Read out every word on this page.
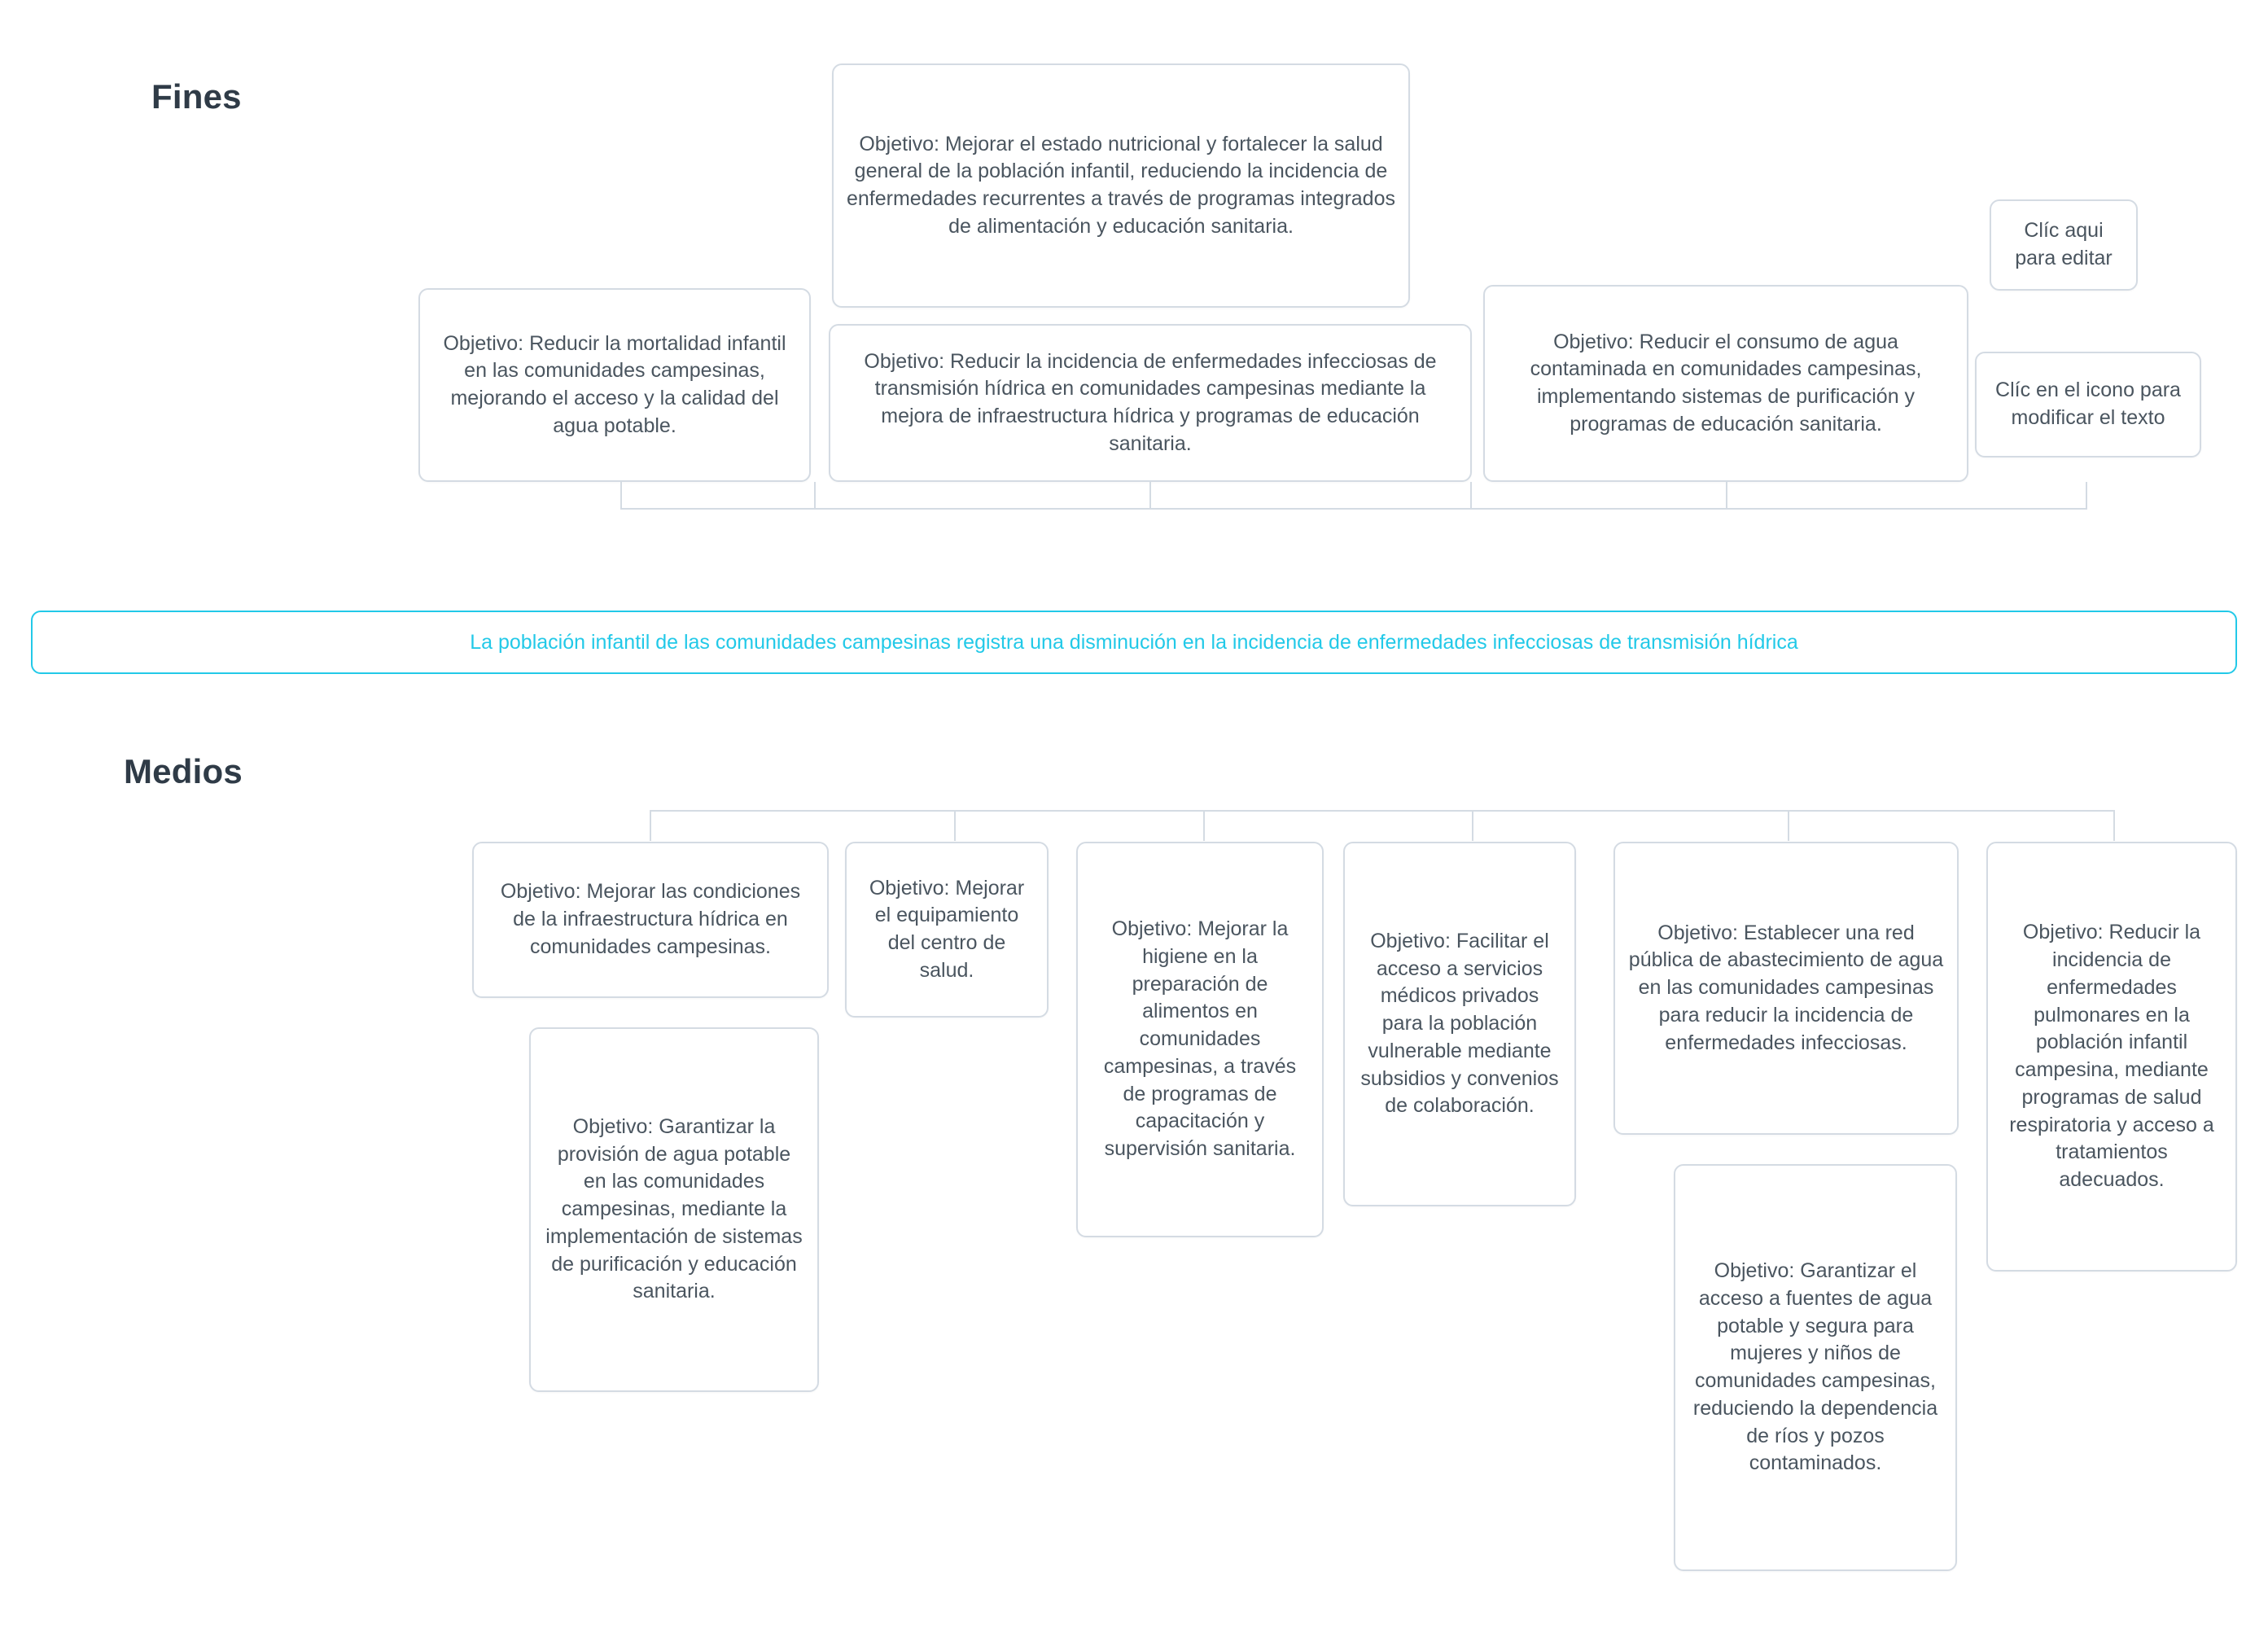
Fines
Objetivo: Mejorar el estado nutricional y fortalecer la salud general de la población infantil, reduciendo la incidencia de enfermedades recurrentes a través de programas integrados de alimentación y educación sanitaria.
Objetivo: Reducir la mortalidad infantil en las comunidades campesinas, mejorando el acceso y la calidad del agua potable.
Objetivo: Reducir la incidencia de enfermedades infecciosas de transmisión hídrica en comunidades campesinas mediante la mejora de infraestructura hídrica y programas de educación sanitaria.
Objetivo: Reducir el consumo de agua contaminada en comunidades campesinas, implementando sistemas de purificación y programas de educación sanitaria.
Clíc aqui para editar
Clíc en el icono para modificar el texto
La población infantil de las comunidades campesinas registra una disminución en la incidencia de enfermedades infecciosas de transmisión hídrica
Medios
Objetivo: Mejorar las condiciones de la infraestructura hídrica en comunidades campesinas.
Objetivo: Garantizar la provisión de agua potable en las comunidades campesinas, mediante la implementación de sistemas de purificación y educación sanitaria.
Objetivo: Mejorar el equipamiento del centro de salud.
Objetivo: Mejorar la higiene en la preparación de alimentos en comunidades campesinas, a través de programas de capacitación y supervisión sanitaria.
Objetivo: Facilitar el acceso a servicios médicos privados para la población vulnerable mediante subsidios y convenios de colaboración.
Objetivo: Establecer una red pública de abastecimiento de agua en las comunidades campesinas para reducir la incidencia de enfermedades infecciosas.
Objetivo: Garantizar el acceso a fuentes de agua potable y segura para mujeres y niños de comunidades campesinas, reduciendo la dependencia de ríos y pozos contaminados.
Objetivo: Reducir la incidencia de enfermedades pulmonares en la población infantil campesina, mediante programas de salud respiratoria y acceso a tratamientos adecuados.
